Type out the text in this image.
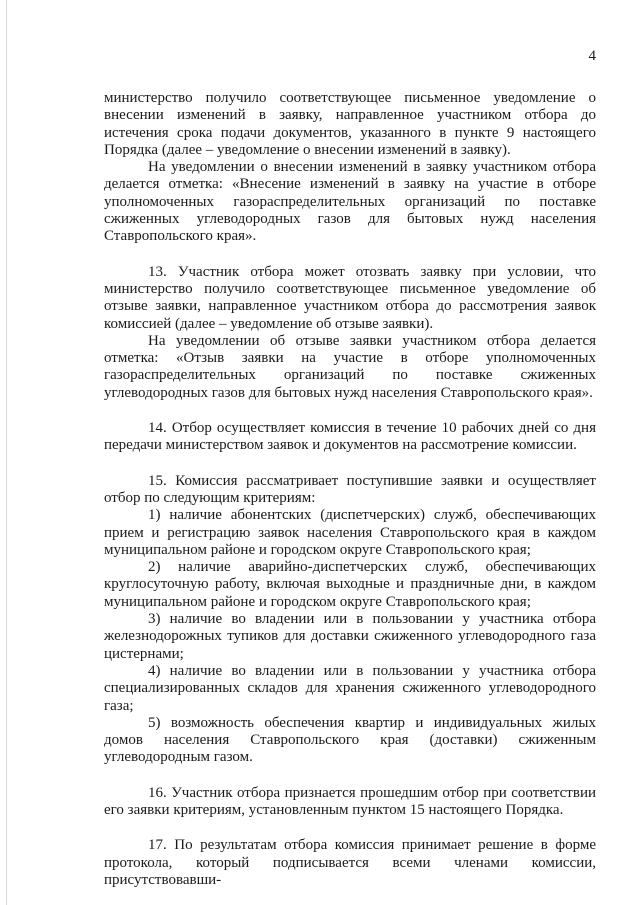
4

министерство получило соответствующее письменное уведомление о внесении изменений в заявку, направленное участником отбора до истечения срока подачи документов, указанного в пункте 9 настоящего Порядка (далее – уведомление о внесении изменений в заявку).

На уведомлении о внесении изменений в заявку участником отбора делается отметка: «Внесение изменений в заявку на участие в отборе уполномоченных газораспределительных организаций по поставке сжиженных углеводородных газов для бытовых нужд населения Ставропольского края».

13. Участник отбора может отозвать заявку при условии, что министерство получило соответствующее письменное уведомление об отзыве заявки, направленное участником отбора до рассмотрения заявок комиссией (далее – уведомление об отзыве заявки).

На уведомлении об отзыве заявки участником отбора делается отметка: «Отзыв заявки на участие в отборе уполномоченных газораспределительных организаций по поставке сжиженных углеводородных газов для бытовых нужд населения Ставропольского края».

14. Отбор осуществляет комиссия в течение 10 рабочих дней со дня передачи министерством заявок и документов на рассмотрение комиссии.

15. Комиссия рассматривает поступившие заявки и осуществляет отбор по следующим критериям:

1) наличие абонентских (диспетчерских) служб, обеспечивающих прием и регистрацию заявок населения Ставропольского края в каждом муниципальном районе и городском округе Ставропольского края;

2) наличие аварийно-диспетчерских служб, обеспечивающих круглосуточную работу, включая выходные и праздничные дни, в каждом муниципальном районе и городском округе Ставропольского края;

3) наличие во владении или в пользовании у участника отбора железнодорожных тупиков для доставки сжиженного углеводородного газа цистернами;

4) наличие во владении или в пользовании у участника отбора специализированных складов для хранения сжиженного углеводородного газа;

5) возможность обеспечения квартир и индивидуальных жилых домов населения Ставропольского края (доставки) сжиженным углеводородным газом.

16. Участник отбора признается прошедшим отбор при соответствии его заявки критериям, установленным пунктом 15 настоящего Порядка.

17. По результатам отбора комиссия принимает решение в форме протокола, который подписывается всеми членами комиссии, присутствовавши-
